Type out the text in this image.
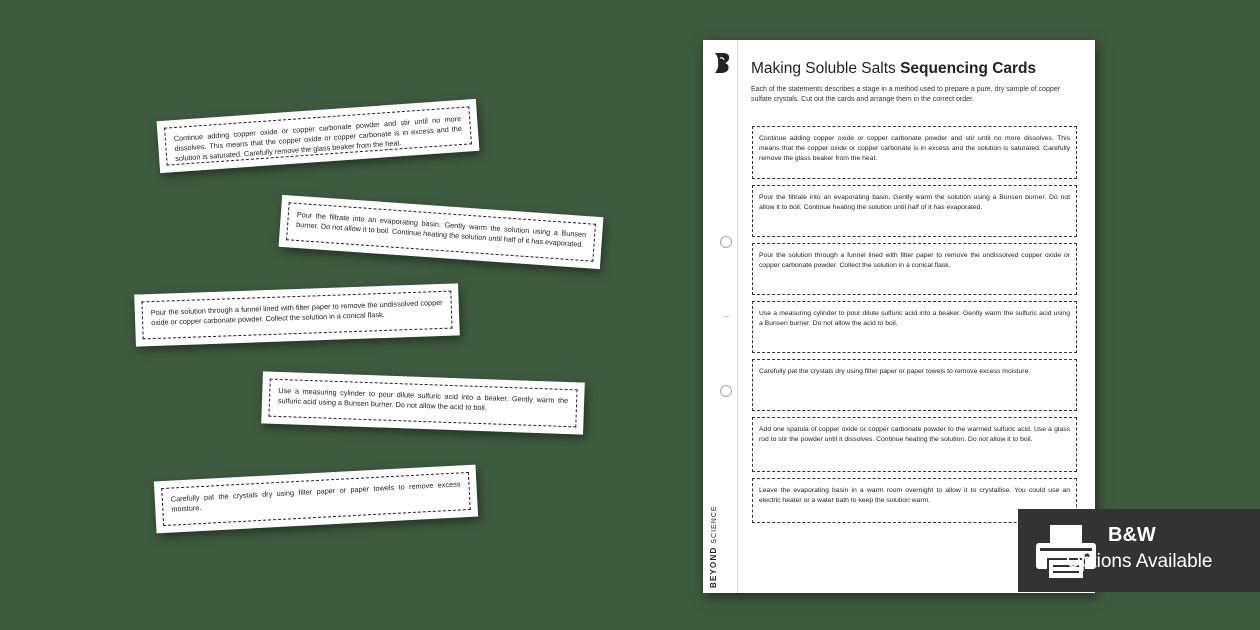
Continue adding copper oxide or copper carbonate powder and stir until no more dissolves. This means that the copper oxide or copper carbonate is in excess and the solution is saturated. Carefully remove the glass beaker from the heat.
Pour the filtrate into an evaporating basin. Gently warm the solution using a Bunsen burner. Do not allow it to boil. Continue heating the solution until half of it has evaporated.
Pour the solution through a funnel lined with filter paper to remove the undissolved copper oxide or copper carbonate powder. Collect the solution in a conical flask.
Use a measuring cylinder to pour dilute sulfuric acid into a beaker. Gently warm the sulfuric acid using a Bunsen burner. Do not allow the acid to boil.
Carefully pat the crystals dry using filter paper or paper towels to remove excess moisture.
BEYOND SCIENCE
Making Soluble Salts Sequencing Cards
Each of the statements describes a stage in a method used to prepare a pure, dry sample of copper sulfate crystals. Cut out the cards and arrange them in the correct order.
Continue adding copper oxide or copper carbonate powder and stir until no more dissolves. This means that the copper oxide or copper carbonate is in excess and the solution is saturated. Carefully remove the glass beaker from the heat.
Pour the filtrate into an evaporating basin. Gently warm the solution using a Bunsen burner. Do not allow it to boil. Continue heating the solution until half of it has evaporated.
Pour the solution through a funnel lined with filter paper to remove the undissolved copper oxide or copper carbonate powder. Collect the solution in a conical flask.
Use a measuring cylinder to pour dilute sulfuric acid into a beaker. Gently warm the sulfuric acid using a Bunsen burner. Do not allow the acid to boil.
Carefully pat the crystals dry using filter paper or paper towels to remove excess moisture.
Add one spatula of copper oxide or copper carbonate powder to the warmed sulfuric acid. Use a glass rod to stir the powder until it dissolves. Continue heating the solution. Do not allow it to boil.
Leave the evaporating basin in a warm room overnight to allow it to crystallise. You could use an electric heater or a water bath to keep the solution warm.
B&W
Options Available
